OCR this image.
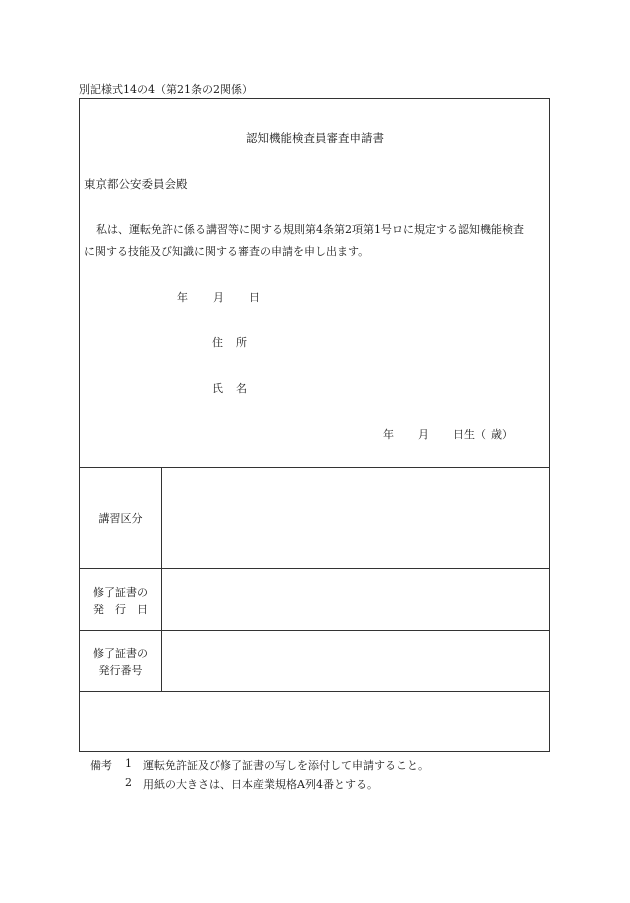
別記様式14の4（第21条の2関係）
認知機能検査員審査申請書
東京都公安委員会殿
私は、運転免許に係る講習等に関する規則第4条第2項第1号ロに規定する認知機能検査
に関する技能及び知識に関する審査の申請を申し出ます。
年 月 日
住 所
氏 名
年 月 日生（ 歳）
講習区分
修了証書の
発　行　日
修了証書の
発行番号
備考 1 運転免許証及び修了証書の写しを添付して申請すること。
2 用紙の大きさは、日本産業規格A列4番とする。
